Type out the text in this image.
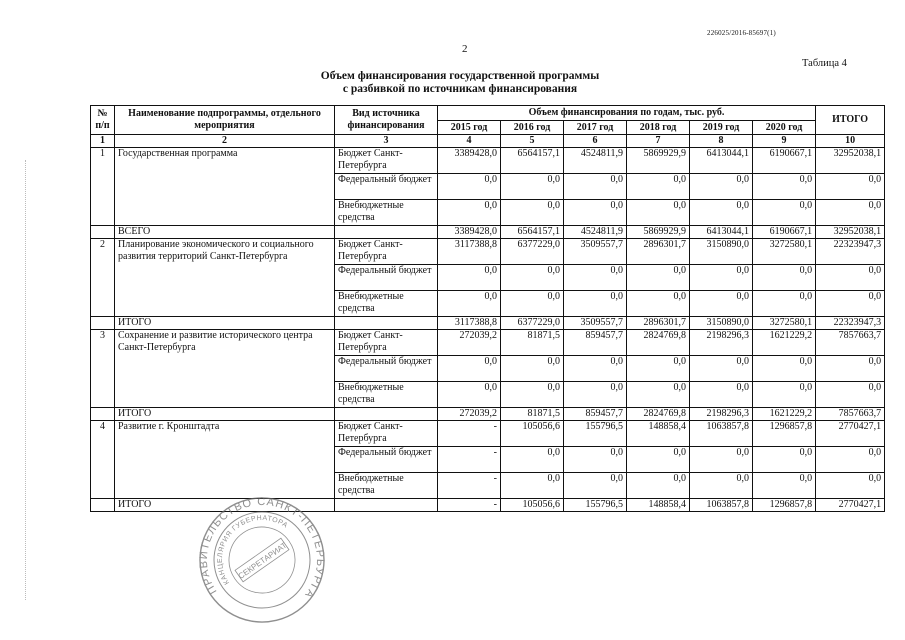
226025/2016-85697(1)
2
Таблица 4
Объем финансирования государственной программы
с разбивкой по источникам финансирования
№ п/п	Наименование подпрограммы, отдельного мероприятия	Вид источника финансирования	Объем финансирования по годам, тыс. руб.						ИТОГО
			2015 год	2016 год	2017 год	2018 год	2019 год	2020 год	
1	2	3	4	5	6	7	8	9	10
1	Государственная программа	Бюджет Санкт-Петербурга	3389428,0	6564157,1	4524811,9	5869929,9	6413044,1	6190667,1	32952038,1
		Федеральный бюджет	0,0	0,0	0,0	0,0	0,0	0,0	0,0
		Внебюджетные средства	0,0	0,0	0,0	0,0	0,0	0,0	0,0
	ВСЕГО		3389428,0	6564157,1	4524811,9	5869929,9	6413044,1	6190667,1	32952038,1
2	Планирование экономического и социального развития территорий Санкт-Петербурга	Бюджет Санкт-Петербурга	3117388,8	6377229,0	3509557,7	2896301,7	3150890,0	3272580,1	22323947,3
		Федеральный бюджет	0,0	0,0	0,0	0,0	0,0	0,0	0,0
		Внебюджетные средства	0,0	0,0	0,0	0,0	0,0	0,0	0,0
	ИТОГО		3117388,8	6377229,0	3509557,7	2896301,7	3150890,0	3272580,1	22323947,3
3	Сохранение и развитие исторического центра Санкт-Петербурга	Бюджет Санкт-Петербурга	272039,2	81871,5	859457,7	2824769,8	2198296,3	1621229,2	7857663,7
		Федеральный бюджет	0,0	0,0	0,0	0,0	0,0	0,0	0,0
		Внебюджетные средства	0,0	0,0	0,0	0,0	0,0	0,0	0,0
	ИТОГО		272039,2	81871,5	859457,7	2824769,8	2198296,3	1621229,2	7857663,7
4	Развитие г. Кронштадта	Бюджет Санкт-Петербурга	-	105056,6	155796,5	148858,4	1063857,8	1296857,8	2770427,1
		Федеральный бюджет	-	0,0	0,0	0,0	0,0	0,0	0,0
		Внебюджетные средства	-	0,0	0,0	0,0	0,0	0,0	0,0
	ИТОГО		-	105056,6	155796,5	148858,4	1063857,8	1296857,8	2770427,1
ПРАВИТЕЛЬСТВО САНКТ-ПЕТЕРБУРГА
КАНЦЕЛЯРИЯ ГУБЕРНАТОРА
СЕКРЕТАРИАТ
